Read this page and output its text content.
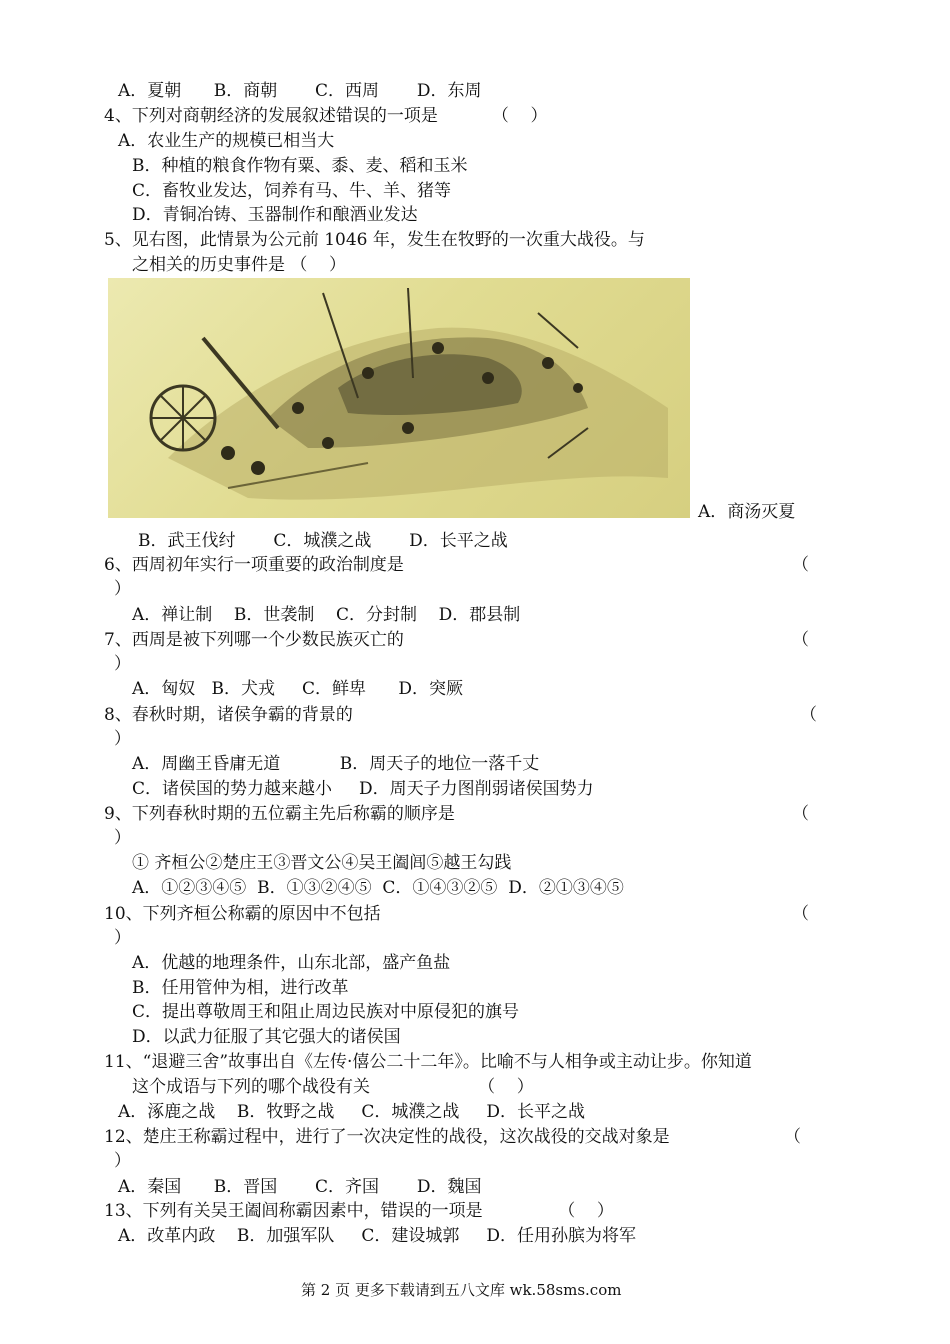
A．夏朝      B．商朝       C．西周       D．东周
4、下列对商朝经济的发展叙述错误的一项是          （    ）
A．农业生产的规模已相当大
B．种植的粮食作物有粟、黍、麦、稻和玉米
C．畜牧业发达，饲养有马、牛、羊、猪等
D．青铜冶铸、玉器制作和酿酒业发达
5、见右图，此情景为公元前 1046 年，发生在牧野的一次重大战役。与
之相关的历史事件是 （    ）
A．商汤灭夏
B．武王伐纣       C．城濮之战       D．长平之战
6、西周初年实行一项重要的政治制度是	（
）
A．禅让制    B．世袭制    C．分封制    D．郡县制
7、西周是被下列哪一个少数民族灭亡的	（
）
A．匈奴   B．犬戎     C．鲜卑      D．突厥
8、春秋时期，诸侯争霸的背景的	（
）
A．周幽王昏庸无道           B．周天子的地位一落千丈
C．诸侯国的势力越来越小     D．周天子力图削弱诸侯国势力
9、下列春秋时期的五位霸主先后称霸的顺序是	（
）
① 齐桓公②楚庄王③晋文公④吴王阖闾⑤越王勾践
A．①②③④⑤  B．①③②④⑤  C．①④③②⑤  D．②①③④⑤
10、下列齐桓公称霸的原因中不包括	（
）
A．优越的地理条件，山东北部，盛产鱼盐
B．任用管仲为相，进行改革
C．提出尊敬周王和阻止周边民族对中原侵犯的旗号
D．以武力征服了其它强大的诸侯国
11、“退避三舍”故事出自《左传·僖公二十二年》。比喻不与人相争或主动让步。你知道
这个成语与下列的哪个战役有关                    （    ）
A．涿鹿之战    B．牧野之战     C．城濮之战     D．长平之战
12、楚庄王称霸过程中，进行了一次决定性的战役，这次战役的交战对象是	（
）
A．秦国      B．晋国       C．齐国       D．魏国
13、下列有关吴王阖闾称霸因素中，错误的一项是              （    ）
A．改革内政    B．加强军队     C．建设城郭     D．任用孙膑为将军
第 2 页 更多下载请到五八文库 wk.58sms.com
